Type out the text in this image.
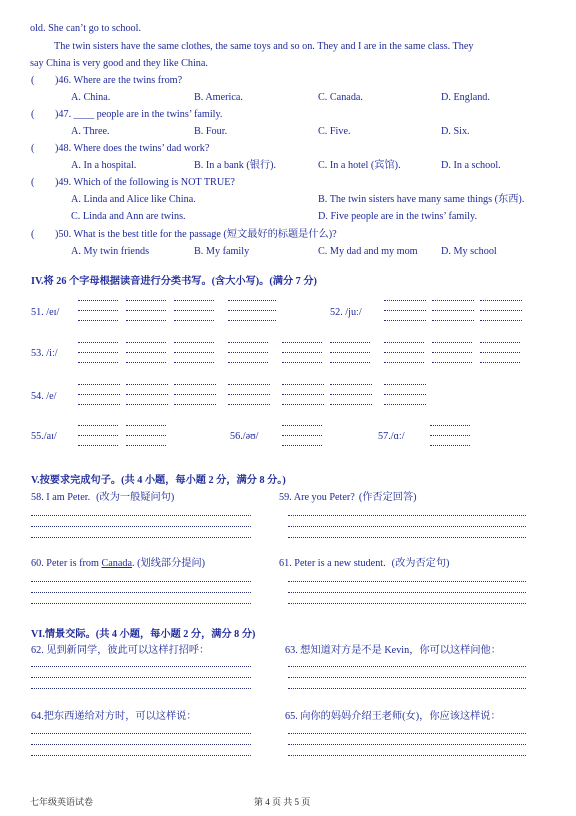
old. She can’t go to school.
The twin sisters have the same clothes, the same toys and so on. They and I are in the same class. They
say China is very good and they like China.
( )46. Where are the twins from?
A. China.	B. America.	C. Canada.	D. England.
( )47. ____ people are in the twins’ family.
A. Three.	B. Four.	C. Five.	D. Six.
( )48. Where does the twins’ dad work?
A. In a hospital.	B. In a bank (银行).	C. In a hotel (宾馆).	D. In a school.
( )49. Which of the following is NOT TRUE?
A. Linda and Alice like China.	B. The twin sisters have many same things (东西).
C. Linda and Ann are twins.	D. Five people are in the twins’ family.
( )50. What is the best title for the passage (短文最好的标题是什么)?
A. My twin friends	B. My family	C. My dad and my mom D. My school
IV.将 26 个字母根据读音进行分类书写。(含大小写)。(满分 7 分)
51. /eɪ/	52. /juː/
53. /iː/
54. /e/
55./aɪ/	56./əʊ/	57./ɑː/
V.按要求完成句子。(共 4 小题，每小题 2 分，满分 8 分。)
58. I am Peter. (改为一般疑问句)	59. Are you Peter? (作否定回答)
60. Peter is from Canada. (划线部分提问)	61. Peter is a new student. (改为否定句)
VI.情景交际。(共 4 小题，每小题 2 分，满分 8 分)
62. 见到新同学，彼此可以这样打招呼：	63. 想知道对方是不是 Kevin，你可以这样问他：
64.把东西递给对方时，可以这样说：	65. 向你的妈妈介绍王老师(女)，你应该这样说：
七年级英语试卷	第 4 页 共 5 页
